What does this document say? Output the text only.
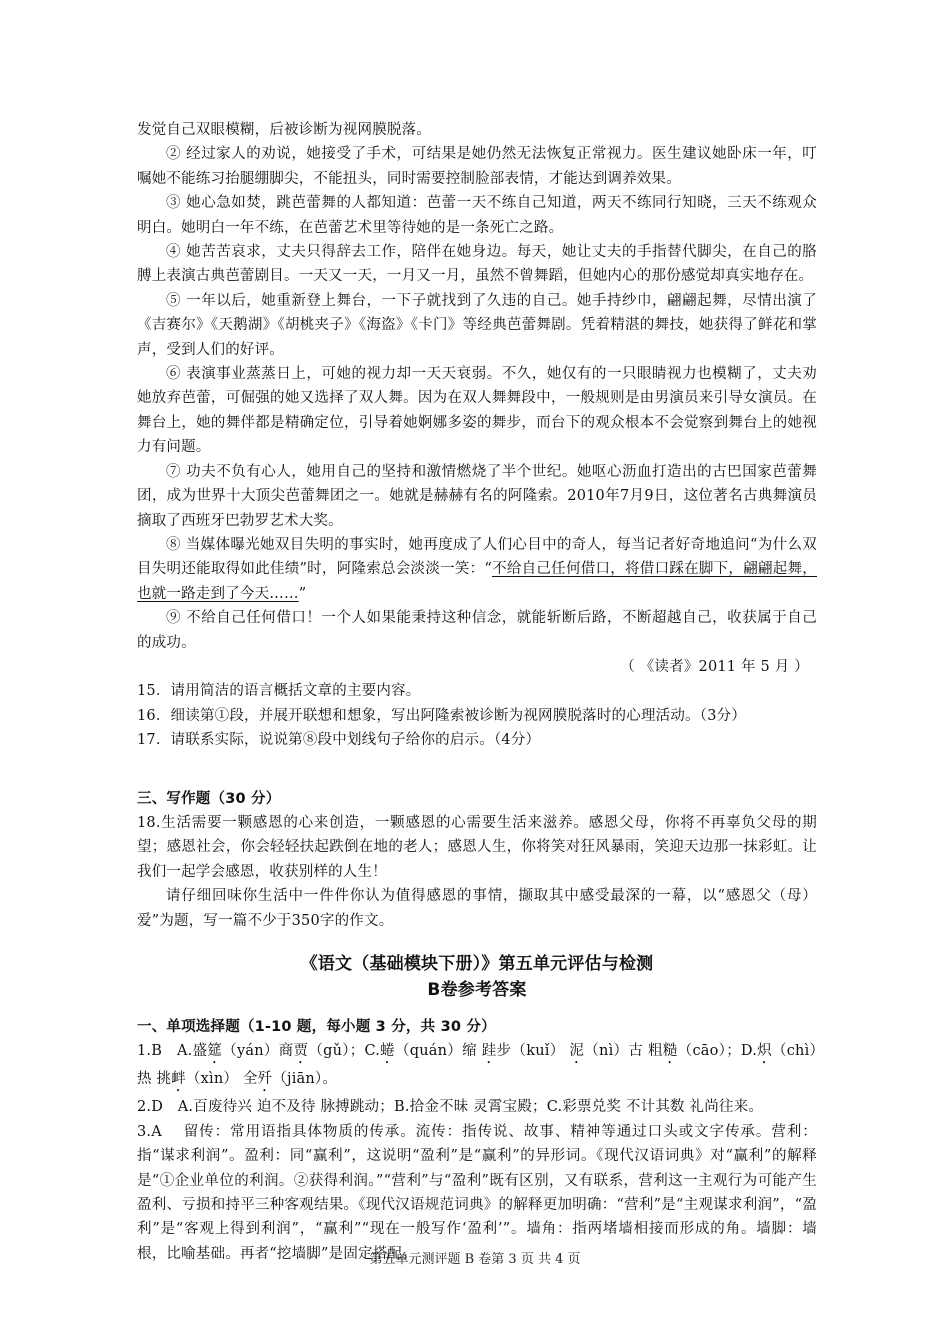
发觉自己双眼模糊，后被诊断为视网膜脱落。

② 经过家人的劝说，她接受了手术，可结果是她仍然无法恢复正常视力。医生建议她卧床一年，叮嘱她不能练习抬腿绷脚尖，不能扭头，同时需要控制脸部表情，才能达到调养效果。

③ 她心急如焚，跳芭蕾舞的人都知道：芭蕾一天不练自己知道，两天不练同行知晓，三天不练观众明白。她明白一年不练，在芭蕾艺术里等待她的是一条死亡之路。

④ 她苦苦哀求，丈夫只得辞去工作，陪伴在她身边。每天，她让丈夫的手指替代脚尖，在自己的胳膊上表演古典芭蕾剧目。一天又一天，一月又一月，虽然不曾舞蹈，但她内心的那份感觉却真实地存在。

⑤ 一年以后，她重新登上舞台，一下子就找到了久违的自己。她手持纱巾，翩翩起舞，尽情出演了《吉赛尔》《天鹅湖》《胡桃夹子》《海盗》《卡门》等经典芭蕾舞剧。凭着精湛的舞技，她获得了鲜花和掌声，受到人们的好评。

⑥ 表演事业蒸蒸日上，可她的视力却一天天衰弱。不久，她仅有的一只眼睛视力也模糊了，丈夫劝她放弃芭蕾，可倔强的她又选择了双人舞。因为在双人舞舞段中，一般规则是由男演员来引导女演员。在舞台上，她的舞伴都是精确定位，引导着她婀娜多姿的舞步，而台下的观众根本不会觉察到舞台上的她视力有问题。

⑦ 功夫不负有心人，她用自己的坚持和激情燃烧了半个世纪。她呕心沥血打造出的古巴国家芭蕾舞团，成为世界十大顶尖芭蕾舞团之一。她就是赫赫有名的阿隆索。2010年7月9日，这位著名古典舞演员摘取了西班牙巴勃罗艺术大奖。

⑧ 当媒体曝光她双目失明的事实时，她再度成了人们心目中的奇人，每当记者好奇地追问“为什么双目失明还能取得如此佳绩”时，阿隆索总会淡淡一笑：“不给自己任何借口，将借口踩在脚下，翩翩起舞，也就一路走到了今天……”

⑨ 不给自己任何借口！一个人如果能秉持这种信念，就能斩断后路，不断超越自己，收获属于自己的成功。

（ 《读者》2011 年 5 月 ）

15．请用简洁的语言概括文章的主要内容。

16．细读第①段，并展开联想和想象，写出阿隆索被诊断为视网膜脱落时的心理活动。（3分）

17．请联系实际，说说第⑧段中划线句子给你的启示。（4分）

三、写作题（30 分）

18.生活需要一颗感恩的心来创造，一颗感恩的心需要生活来滋养。感恩父母，你将不再辜负父母的期望；感恩社会，你会轻轻扶起跌倒在地的老人；感恩人生，你将笑对狂风暴雨，笑迎天边那一抹彩虹。让我们一起学会感恩，收获别样的人生！

请仔细回味你生活中一件件你认为值得感恩的事情，撷取其中感受最深的一幕，以“感恩父（母）爱”为题，写一篇不少于350字的作文。

《语文（基础模块下册）》第五单元评估与检测

B卷参考答案

一、单项选择题（1-10 题，每小题 3 分，共 30 分）

1.B　A.盛筵（yán）商贾（gǔ）；C.蜷（quán）缩 跬步（kuǐ） 泥（nì）古 粗糙（cāo）；D.炽（chì）热 挑衅（xìn） 全歼（jiān）。

2.D　A.百废待兴 迫不及待 脉搏跳动；B.拾金不昧 灵霄宝殿；C.彩票兑奖 不计其数 礼尚往来。

3.A　 留传：常用语指具体物质的传承。流传：指传说、故事、精神等通过口头或文字传承。营利：指“谋求利润”。盈利：同“赢利”，这说明“盈利”是“赢利”的异形词。《现代汉语词典》对“赢利”的解释是“①企业单位的利润。②获得利润。”“营利”与“盈利”既有区别，又有联系，营利这一主观行为可能产生盈利、亏损和持平三种客观结果。《现代汉语规范词典》的解释更加明确：“营利”是“主观谋求利润”，“盈利”是“客观上得到利润”，“赢利”“现在一般写作‘盈利’”。墙角：指两堵墙相接而形成的角。墙脚：墙根，比喻基础。再者“挖墙脚”是固定搭配。

第五单元测评题 B 卷第 3 页 共 4 页
